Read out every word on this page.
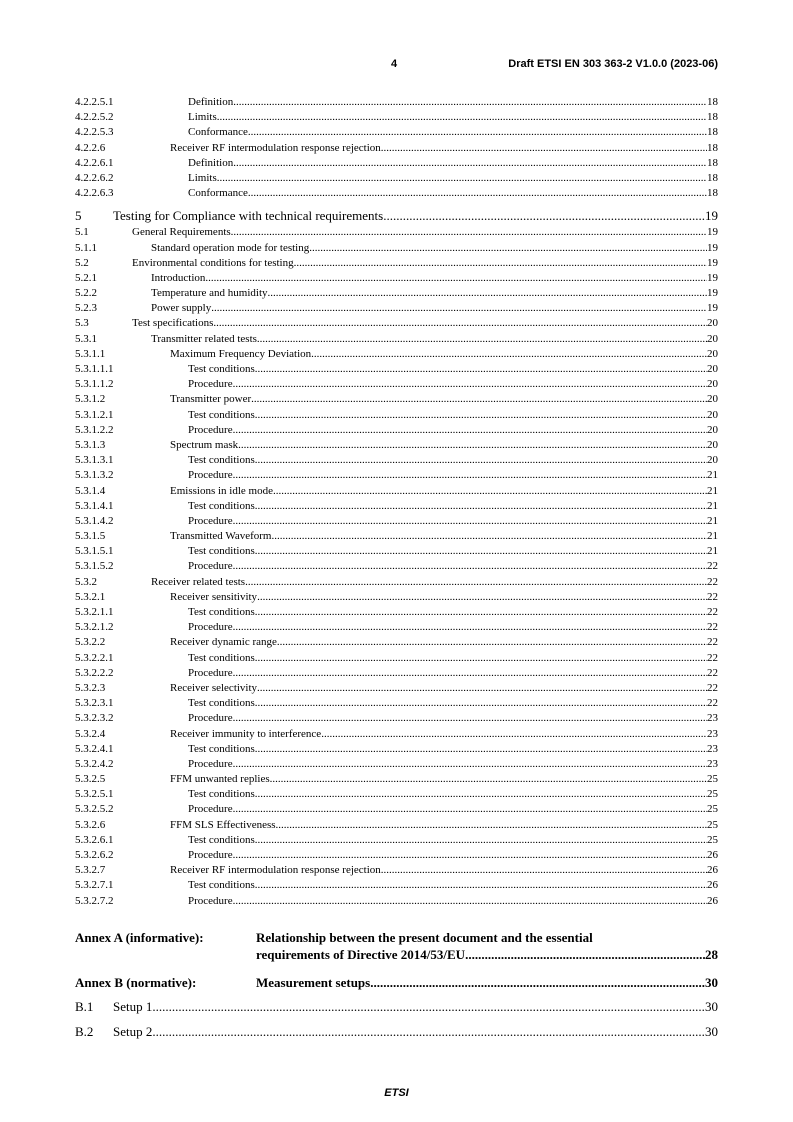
4	Draft ETSI EN 303 363-2 V1.0.0 (2023-06)
4.2.2.5.1	Definition .....	18
4.2.2.5.2	Limits .....	18
4.2.2.5.3	Conformance .....	18
4.2.2.6	Receiver RF intermodulation response rejection .....	18
4.2.2.6.1	Definition .....	18
4.2.2.6.2	Limits .....	18
4.2.2.6.3	Conformance .....	18
5 Testing for Compliance with technical requirements .....	19
5.1	General Requirements .....	19
5.1.1	Standard operation mode for testing .....	19
5.2	Environmental conditions for testing .....	19
5.2.1	Introduction .....	19
5.2.2	Temperature and humidity .....	19
5.2.3	Power supply .....	19
5.3	Test specifications .....	20
5.3.1	Transmitter related tests .....	20
5.3.1.1	Maximum Frequency Deviation .....	20
5.3.1.1.1	Test conditions .....	20
5.3.1.1.2	Procedure .....	20
5.3.1.2	Transmitter power .....	20
5.3.1.2.1	Test conditions .....	20
5.3.1.2.2	Procedure .....	20
5.3.1.3	Spectrum mask .....	20
5.3.1.3.1	Test conditions .....	20
5.3.1.3.2	Procedure .....	21
5.3.1.4	Emissions in idle mode .....	21
5.3.1.4.1	Test conditions .....	21
5.3.1.4.2	Procedure .....	21
5.3.1.5	Transmitted Waveform .....	21
5.3.1.5.1	Test conditions .....	21
5.3.1.5.2	Procedure .....	22
5.3.2	Receiver related tests .....	22
5.3.2.1	Receiver sensitivity .....	22
5.3.2.1.1	Test conditions .....	22
5.3.2.1.2	Procedure .....	22
5.3.2.2	Receiver dynamic range .....	22
5.3.2.2.1	Test conditions .....	22
5.3.2.2.2	Procedure .....	22
5.3.2.3	Receiver selectivity .....	22
5.3.2.3.1	Test conditions .....	22
5.3.2.3.2	Procedure .....	23
5.3.2.4	Receiver immunity to interference .....	23
5.3.2.4.1	Test conditions .....	23
5.3.2.4.2	Procedure .....	23
5.3.2.5	FFM unwanted replies .....	25
5.3.2.5.1	Test conditions .....	25
5.3.2.5.2	Procedure .....	25
5.3.2.6	FFM SLS Effectiveness .....	25
5.3.2.6.1	Test conditions .....	25
5.3.2.6.2	Procedure .....	26
5.3.2.7	Receiver RF intermodulation response rejection .....	26
5.3.2.7.1	Test conditions .....	26
5.3.2.7.2	Procedure .....	26
Annex A (informative):	Relationship between the present document and the essential
requirements of Directive 2014/53/EU .....	28
Annex B (normative):	Measurement setups .....	30
B.1	Setup 1 .....	30
B.2	Setup 2 .....	30
ETSI
